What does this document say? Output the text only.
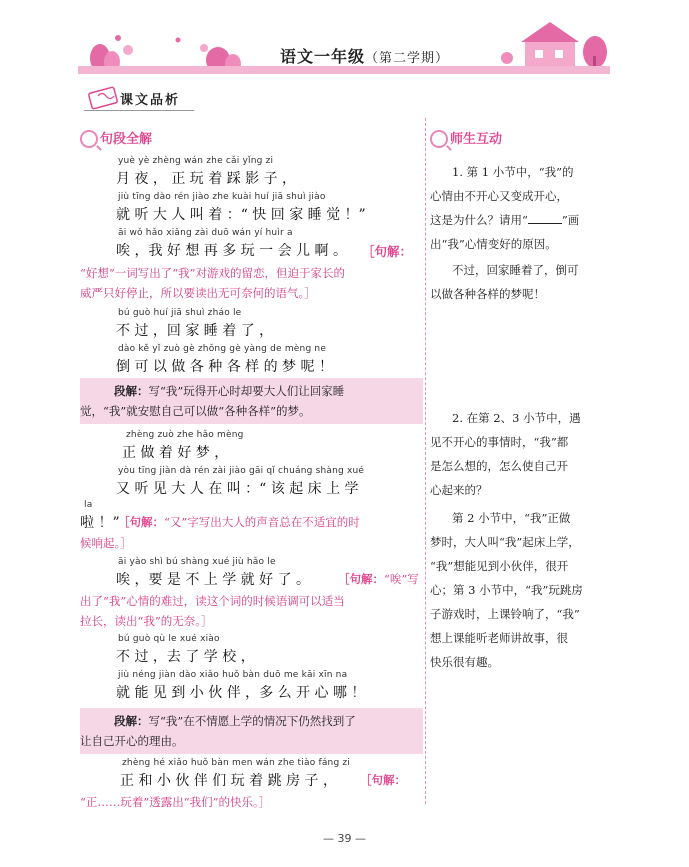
语文一年级（第二学期）
课文品析
句段全解
yuè yè zhèng wán zhe cǎi yǐng zi
月 夜 ， 正 玩 着 踩 影 子 ，
jiù tīng dào rén jiào zhe kuài huí jiā shuì jiào
就 听 大 人 叫 着 ：“ 快 回 家 睡 觉 ！”
āi wǒ hǎo xiǎng zài duō wán yí huìr a
唉 ，我 好 想 再 多 玩 一 会 儿 啊 。 ［句解：
“好想”一词写出了“我”对游戏的留恋，但迫于家长的
威严只好停止，所以要读出无可奈何的语气。］
bú guò huí jiā shuì zháo le
不 过 ，回 家 睡 着 了 ，
dào kě yǐ zuò gè zhǒng gè yàng de mèng ne
倒 可 以 做 各 种 各 样 的 梦 呢 ！
段解：写“我”玩得开心时却要大人们让回家睡
觉，“我”就安慰自己可以做“各种各样”的梦。
zhèng zuò zhe hǎo mèng
正 做 着 好 梦 ，
yòu tīng jiàn dà rén zài jiào gāi qǐ chuáng shàng xué
又 听 见 大 人 在 叫 ：“ 该 起 床 上 学
la
啦 ！”
［句解：“又”字写出大人的声音总在不适宜的时
候响起。］
āi yào shì bú shàng xué jiù hǎo le
唉 ，要 是 不 上 学 就 好 了 。 ［句解：“唉”写
出了“我”心情的难过，读这个词的时候语调可以适当
拉长，读出“我”的无奈。］
bú guò qù le xué xiào
不 过 ，去 了 学 校 ，
jiù néng jiàn dào xiǎo huǒ bàn duō me kāi xīn na
就 能 见 到 小 伙 伴 ，多 么 开 心 哪 ！
段解：写“我”在不情愿上学的情况下仍然找到了
让自己开心的理由。
zhèng hé xiǎo huǒ bàn men wán zhe tiào fáng zi
正 和 小 伙 伴 们 玩 着 跳 房 子 ， ［句解：
“正……玩着”透露出“我们”的快乐。］
师生互动
1. 第 1 小节中，“我”的
心情由不开心又变成开心，
这是为什么？请用“	”画
出“我”心情变好的原因。
不过，回家睡着了，倒可
以做各种各样的梦呢！
2. 在第 2、3 小节中，遇
见不开心的事情时，“我”都
是怎么想的，怎么使自己开
心起来的？
第 2 小节中，“我”正做
梦时，大人叫“我”起床上学，
“我”想能见到小伙伴，很开
心；第 3 小节中，“我”玩跳房
子游戏时，上课铃响了，“我”
想上课能听老师讲故事，很
快乐很有趣。
— 39 —
